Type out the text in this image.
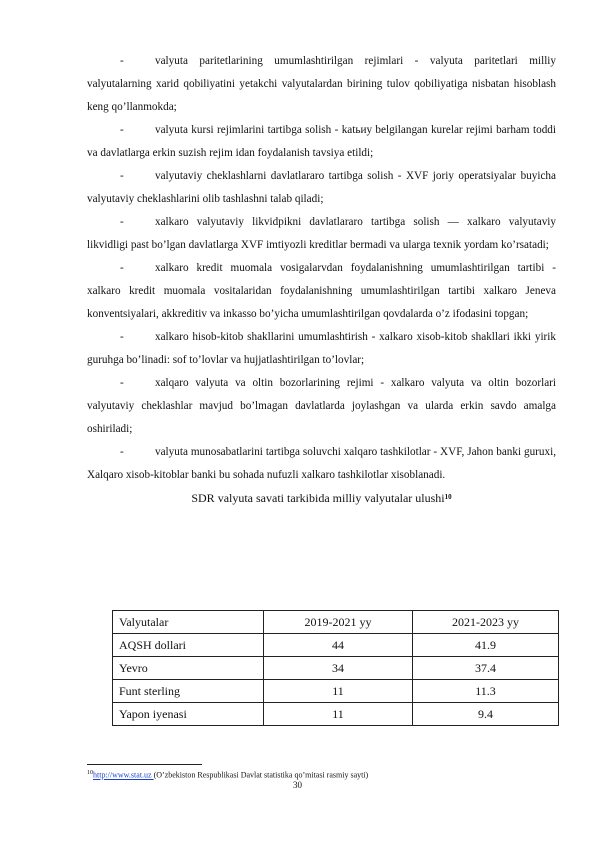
-	valyuta paritetlarining umumlashtirilgan rejimlari - valyuta paritetlari milliy valyutalarning xarid qobiliyatini yetakchi valyutalardan birining tulov qobiliyatiga nisbatan hisoblash keng qo’llanmokda;

-	valyuta kursi rejimlarini tartibga solish - katьиy belgilangan kurelar rejimi barham toddi va davlatlarga erkin suzish rejim idan foydalanish tavsiya etildi;

-	valyutaviy cheklashlarni davlatlararo tartibga solish - XVF joriy operatsiyalar buyicha valyutaviy cheklashlarini olib tashlashni talab qiladi;

-	xalkaro valyutaviy likvidpikni davlatlararo tartibga solish — xalkaro valyutaviy likvidligi past bo’lgan davlatlarga XVF imtiyozli kreditlar bermadi va ularga texnik yordam ko’rsatadi;

-	xalkaro kredit muomala vosigalarvdan foydalanishning umumlashtirilgan tartibi - xalkaro kredit muomala vositalaridan foydalanishning umumlashtirilgan tartibi xalkaro Jeneva konventsiyalari, akkreditiv va inkasso bo’yicha umumlashtirilgan qovdalarda o’z ifodasini topgan;

-	xalkaro hisob-kitob shakllarini umumlashtirish - xalkaro xisob-kitob shakllari ikki yirik guruhga bo’linadi: sof to’lovlar va hujjatlashtirilgan to’lovlar;

-	xalqaro valyuta va oltin bozorlarining rejimi - xalkaro valyuta va oltin bozorlari valyutaviy cheklashlar mavjud bo’lmagan davlatlarda joylashgan va ularda erkin savdo amalga oshiriladi;

-	valyuta munosabatlarini tartibga soluvchi xalqaro tashkilotlar - XVF, Jahon banki guruxi, Xalqaro xisob-kitoblar banki bu sohada nufuzli xalkaro tashkilotlar xisoblanadi.

SDR valyuta savati tarkibida milliy valyutalar ulushi$^{10}$
Valyutalar	2019-2021 yy	2021-2023 yy
AQSH dollari	44	41.9
Yevro	34	37.4
Funt sterling	11	11.3
Yapon iyenasi	11	9.4
$^{10}$http://www.stat.uz (O’zbekiston Respublikasi Davlat statistika qo’mitasi rasmiy sayti)
30
